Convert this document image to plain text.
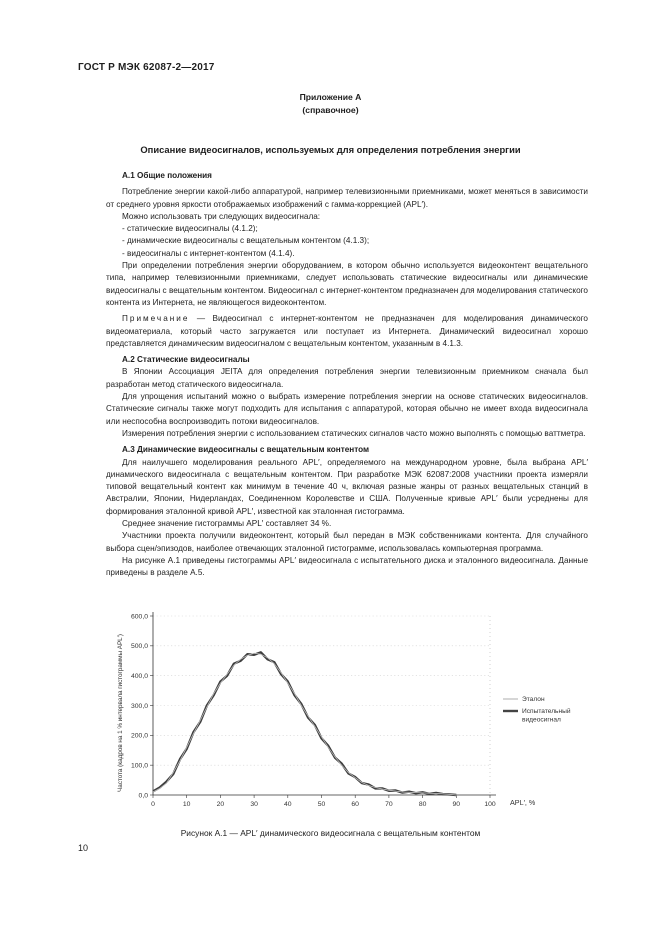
ГОСТ Р МЭК 62087-2—2017
Приложение А
(справочное)
Описание видеосигналов, используемых для определения потребления энергии
А.1 Общие положения

Потребление энергии какой-либо аппаратурой, например телевизионными приемниками, может меняться в зависимости от среднего уровня яркости отображаемых изображений с гамма-коррекцией (APL′).

Можно использовать три следующих видеосигнала:

- статические видеосигналы (4.1.2);

- динамические видеосигналы с вещательным контентом (4.1.3);

- видеосигналы с интернет-контентом (4.1.4).

При определении потребления энергии оборудованием, в котором обычно используется видеоконтент вещательного типа, например телевизионными приемниками, следует использовать статические видеосигналы или динамические видеосигналы с вещательным контентом. Видеосигнал с интернет-контентом предназначен для моделирования статического контента из Интернета, не являющегося видеоконтентом.

Примечание — Видеосигнал с интернет-контентом не предназначен для моделирования динамического видеоматериала, который часто загружается или поступает из Интернета. Динамический видеосигнал хорошо представляется динамическим видеосигналом с вещательным контентом, указанным в 4.1.3.

А.2 Статические видеосигналы

В Японии Ассоциация JEITA для определения потребления энергии телевизионным приемником сначала был разработан метод статического видеосигнала.

Для упрощения испытаний можно о выбрать измерение потребления энергии на основе статических видеосигналов. Статические сигналы также могут подходить для испытания с аппаратурой, которая обычно не имеет входа видеосигнала или неспособна воспроизводить потоки видеосигналов.

Измерения потребления энергии с использованием статических сигналов часто можно выполнять с помощью ваттметра.

А.3 Динамические видеосигналы с вещательным контентом

Для наилучшего моделирования реального APL′, определяемого на международном уровне, была выбрана APL′ динамического видеосигнала с вещательным контентом. При разработке МЭК 62087:2008 участники проекта измеряли типовой вещательный контент как минимум в течение 40 ч, включая разные жанры от разных вещательных станций в Австралии, Японии, Нидерландах, Соединенном Королевстве и США. Полученные кривые APL′ были усреднены для формирования эталонной кривой APL′, известной как эталонная гистограмма.

Среднее значение гистограммы APL′ составляет 34 %.

Участники проекта получили видеоконтент, который был передан в МЭК собственниками контента. Для случайного выбора сцен/эпизодов, наиболее отвечающих эталонной гистограмме, использовалась компьютерная программа.

На рисунке А.1 приведены гистограммы APL′ видеосигнала с испытательного диска и эталонного видеосигнала. Данные приведены в разделе А.5.

0,0
100,0
200,0
300,0
400,0
500,0
600,0
0	10	20	30	40	50	60	70	80	90	100
Частота (кадров на 1 % интервала гистограммы APL′)
APL′, %
Эталон
Испытательный видеосигнал
Рисунок А.1 — APL′ динамического видеосигнала с вещательным контентом
10
